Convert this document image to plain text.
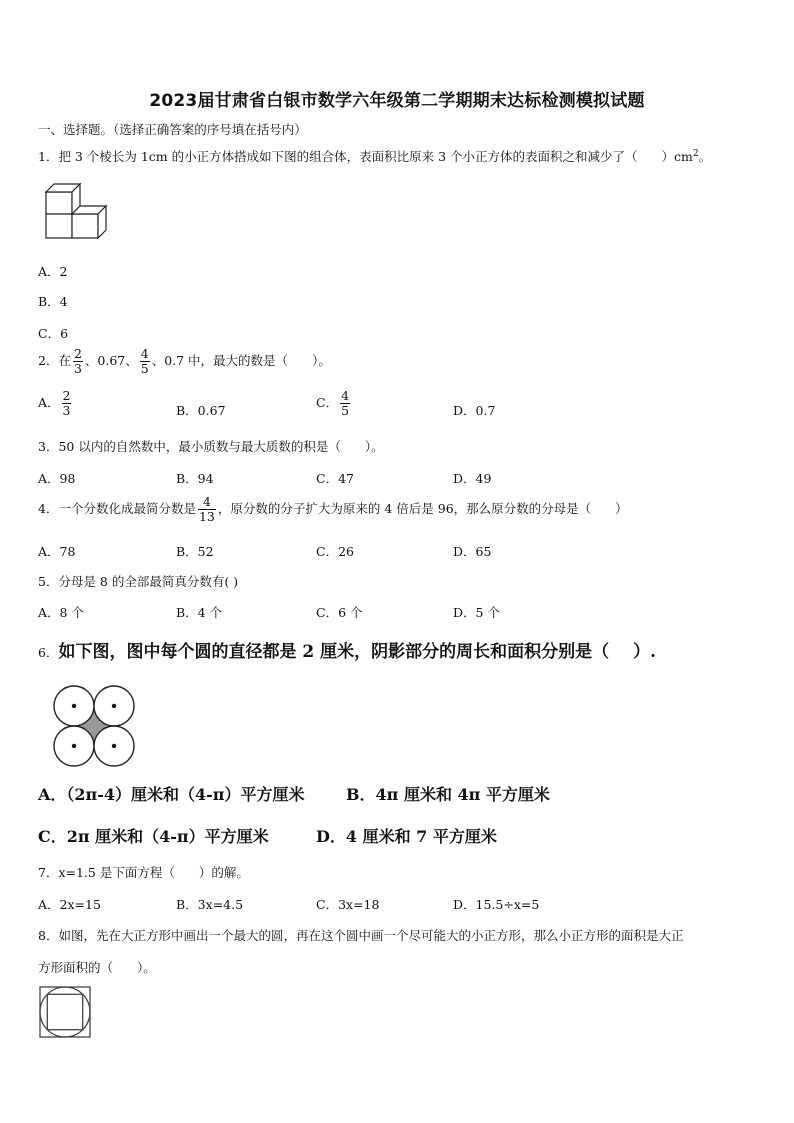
2023届甘肃省白银市数学六年级第二学期期末达标检测模拟试题
一、选择题。（选择正确答案的序号填在括号内）
1．把 3 个棱长为 1cm 的小正方体搭成如下图的组合体，表面积比原来 3 个小正方体的表面积之和减少了（ ）$cm^2$。
A．2
B．4
C．6
2．在 $\frac{2}{3}$ 、0.67、 $\frac{4}{5}$ 、0.7 中，最大的数是（ ）。
A． $\frac{2}{3}$	B．0.67
C． $\frac{4}{5}$	D．0.7
3．50 以内的自然数中，最小质数与最大质数的积是（ ）。
A．98	B．94	C．47	D．49
4．一个分数化成最简分数是 $\frac{4}{13}$ ，原分数的分子扩大为原来的 4 倍后是 96，那么原分数的分母是（ ）
A．78	B．52	C．26	D．65
5．分母是 8 的全部最简真分数有( )
A．8 个	B．4 个	C．6 个	D．5 个
6．如下图，图中每个圆的直径都是 2 厘米，阴影部分的周长和面积分别是（ ）.
A．（2π-4）厘米和（4-π）平方厘米	B．4π 厘米和 4π 平方厘米
C．2π 厘米和（4-π）平方厘米	D．4 厘米和 7 平方厘米
7．x=1.5 是下面方程（ ）的解。
A．2x=15	B．3x=4.5	C．3x=18	D．15.5÷x=5
8．如图，先在大正方形中画出一个最大的圆，再在这个圆中画一个尽可能大的小正方形，那么小正方形的面积是大正
方形面积的（ ）。
